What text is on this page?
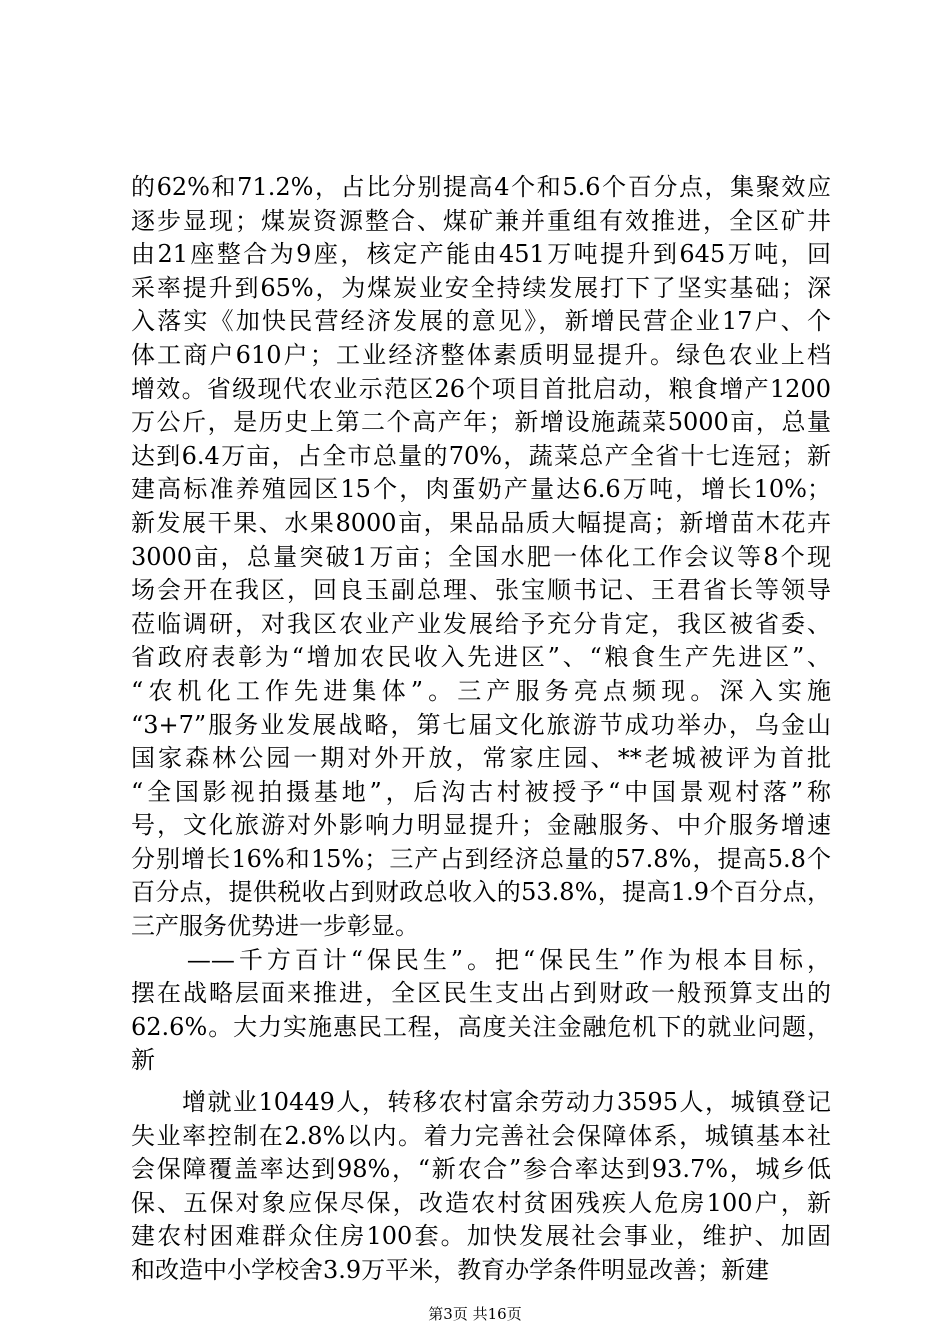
的62%和71.2%，占比分别提高4个和5.6个百分点，集聚效应
逐步显现；煤炭资源整合、煤矿兼并重组有效推进，全区矿井
由21座整合为9座，核定产能由451万吨提升到645万吨，回
采率提升到65%，为煤炭业安全持续发展打下了坚实基础；深
入落实《加快民营经济发展的意见》，新增民营企业17户、个
体工商户610户；工业经济整体素质明显提升。绿色农业上档
增效。省级现代农业示范区26个项目首批启动，粮食增产1200
万公斤，是历史上第二个高产年；新增设施蔬菜5000亩，总量
达到6.4万亩，占全市总量的70%，蔬菜总产全省十七连冠；新
建高标准养殖园区15个，肉蛋奶产量达6.6万吨，增长10%；
新发展干果、水果8000亩，果品品质大幅提高；新增苗木花卉
3000亩，总量突破1万亩；全国水肥一体化工作会议等8个现
场会开在我区，回良玉副总理、张宝顺书记、王君省长等领导
莅临调研，对我区农业产业发展给予充分肯定，我区被省委、
省政府表彰为“增加农民收入先进区”、“粮食生产先进区”、
“农机化工作先进集体”。三产服务亮点频现。深入实施
“3+7”服务业发展战略，第七届文化旅游节成功举办，乌金山
国家森林公园一期对外开放，常家庄园、**老城被评为首批
“全国影视拍摄基地”，后沟古村被授予“中国景观村落”称
号，文化旅游对外影响力明显提升；金融服务、中介服务增速
分别增长16%和15%；三产占到经济总量的57.8%，提高5.8个
百分点，提供税收占到财政总收入的53.8%，提高1.9个百分点，
三产服务优势进一步彰显。
　　——千方百计“保民生”。把“保民生”作为根本目标，
摆在战略层面来推进，全区民生支出占到财政一般预算支出的
62.6%。大力实施惠民工程，高度关注金融危机下的就业问题，
新
　　增就业10449人，转移农村富余劳动力3595人，城镇登记
失业率控制在2.8%以内。着力完善社会保障体系，城镇基本社
会保障覆盖率达到98%，“新农合”参合率达到93.7%，城乡低
保、五保对象应保尽保，改造农村贫困残疾人危房100户，新
建农村困难群众住房100套。加快发展社会事业，维护、加固
和改造中小学校舍3.9万平米，教育办学条件明显改善；新建
第3页 共16页
